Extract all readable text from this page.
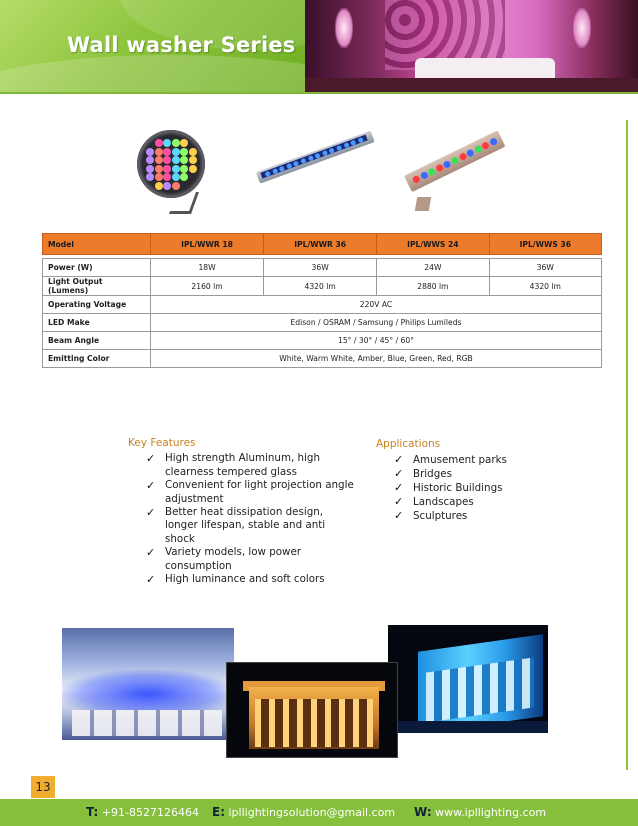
Wall washer Series
Model	IPL/WWR 18	IPL/WWR 36	IPL/WWS 24	IPL/WWS 36

Power (W)	18W	36W	24W	36W
Light Output (Lumens)	2160 lm	4320 lm	2880 lm	4320 lm
Operating Voltage	220V AC			
LED Make	Edison / OSRAM / Samsung / Philips Lumileds			
Beam Angle	15° / 30° / 45° / 60°			
Emitting Color	White, Warm White, Amber, Blue, Green, Red, RGB			
Key Features
✓ High strength Aluminum, high clearness tempered glass
✓ Convenient for light projection angle adjustment
✓ Better heat dissipation design, longer lifespan, stable and anti shock
✓ Variety models, low power consumption
✓ High luminance and soft colors
Applications
✓ Amusement parks
✓ Bridges
✓ Historic Buildings
✓ Landscapes
✓ Sculptures
13
T: +91-8527126464 E: ipllightingsolution@gmail.com W: www.ipllighting.com
